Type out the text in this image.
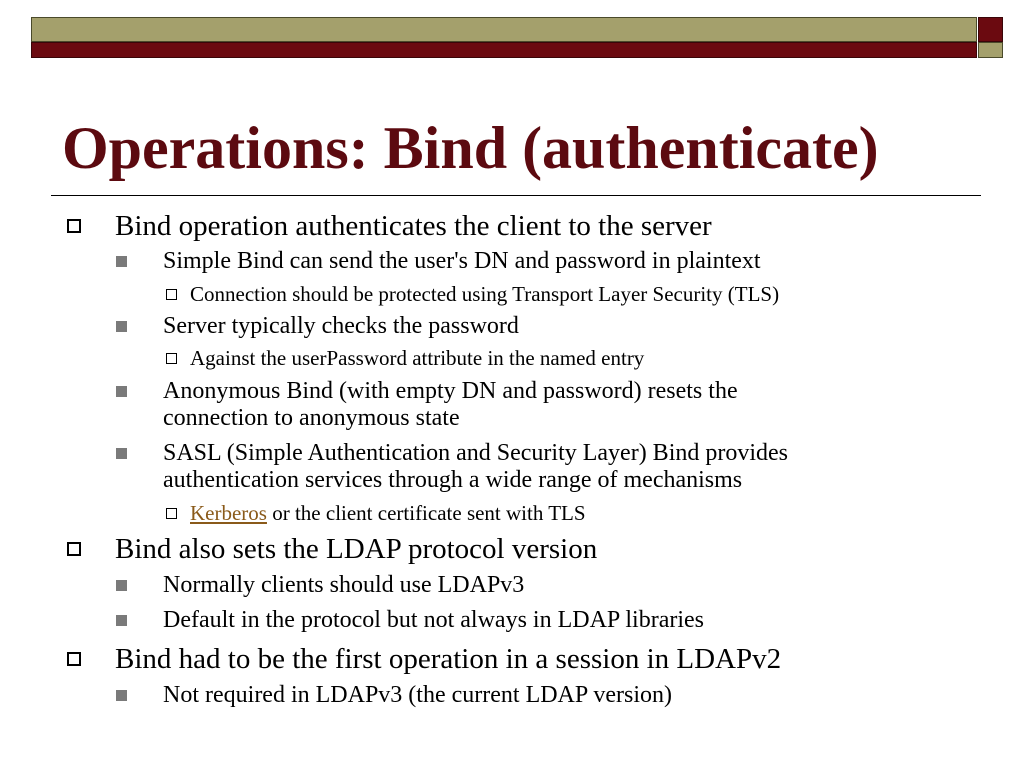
Operations: Bind (authenticate)
Bind operation authenticates the client to the server
Simple Bind can send the user's DN and password in plaintext
Connection should be protected using Transport Layer Security (TLS)
Server typically checks the password
Against the userPassword attribute in the named entry
Anonymous Bind (with empty DN and password) resets the
connection to anonymous state
SASL (Simple Authentication and Security Layer) Bind provides
authentication services through a wide range of mechanisms
Kerberos or the client certificate sent with TLS
Bind also sets the LDAP protocol version
Normally clients should use LDAPv3
Default in the protocol but not always in LDAP libraries
Bind had to be the first operation in a session in LDAPv2
Not required in LDAPv3 (the current LDAP version)
